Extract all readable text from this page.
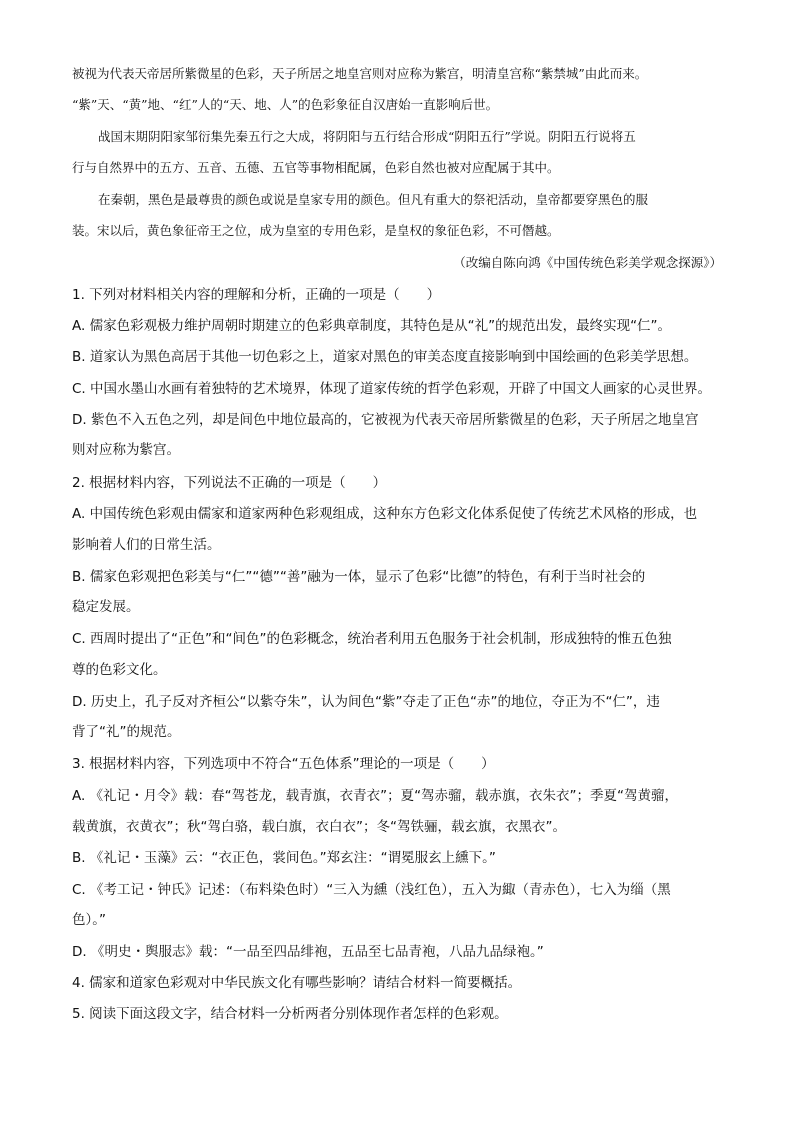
被视为代表天帝居所紫微星的色彩，天子所居之地皇宫则对应称为紫宫，明清皇宫称“紫禁城”由此而来。
“紫”天、“黄”地、“红”人的“天、地、人”的色彩象征自汉唐始一直影响后世。
战国末期阴阳家邹衍集先秦五行之大成，将阴阳与五行结合形成“阴阳五行”学说。阴阳五行说将五
行与自然界中的五方、五音、五德、五官等事物相配属，色彩自然也被对应配属于其中。
在秦朝，黑色是最尊贵的颜色或说是皇家专用的颜色。但凡有重大的祭祀活动，皇帝都要穿黑色的服
装。宋以后，黄色象征帝王之位，成为皇室的专用色彩，是皇权的象征色彩，不可僭越。
（改编自陈向鸿《中国传统色彩美学观念探源》）
1. 下列对材料相关内容的理解和分析，正确的一项是（　　）
A. 儒家色彩观极力维护周朝时期建立的色彩典章制度，其特色是从“礼”的规范出发，最终实现“仁”。
B. 道家认为黑色高居于其他一切色彩之上，道家对黑色的审美态度直接影响到中国绘画的色彩美学思想。
C. 中国水墨山水画有着独特的艺术境界，体现了道家传统的哲学色彩观，开辟了中国文人画家的心灵世界。
D. 紫色不入五色之列，却是间色中地位最高的，它被视为代表天帝居所紫微星的色彩，天子所居之地皇宫
则对应称为紫宫。
2. 根据材料内容，下列说法不正确的一项是（　　）
A. 中国传统色彩观由儒家和道家两种色彩观组成，这种东方色彩文化体系促使了传统艺术风格的形成，也
影响着人们的日常生活。
B. 儒家色彩观把色彩美与“仁”“德”“善”融为一体，显示了色彩“比德”的特色，有利于当时社会的
稳定发展。
C. 西周时提出了“正色”和“间色”的色彩概念，统治者利用五色服务于社会机制，形成独特的惟五色独
尊的色彩文化。
D. 历史上，孔子反对齐桓公“以紫夺朱”，认为间色“紫”夺走了正色“赤”的地位，夺正为不“仁”，违
背了“礼”的规范。
3. 根据材料内容，下列选项中不符合“五色体系”理论的一项是（　　）
A. 《礼记・月令》载：春“驾苍龙，载青旗，衣青衣”；夏“驾赤骝，载赤旗，衣朱衣”；季夏“驾黄骝，
载黄旗，衣黄衣”；秋“驾白骆，载白旗，衣白衣”；冬“驾铁骊，载玄旗，衣黑衣”。
B. 《礼记・玉藻》云：“衣正色，裳间色。”郑玄注：“谓冕服玄上纁下。”
C. 《考工记・钟氏》记述：（布料染色时）“三入为纁（浅红色），五入为緅（青赤色），七入为缁（黑
色）。”
D. 《明史・舆服志》载：“一品至四品绯袍，五品至七品青袍，八品九品绿袍。”
4. 儒家和道家色彩观对中华民族文化有哪些影响？请结合材料一简要概括。
5. 阅读下面这段文字，结合材料一分析两者分别体现作者怎样的色彩观。
